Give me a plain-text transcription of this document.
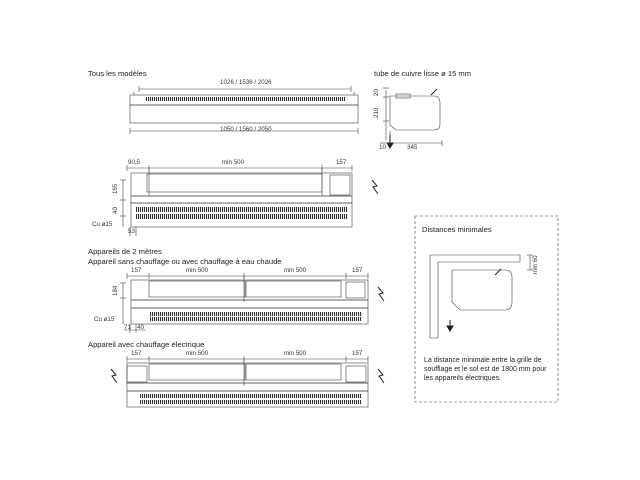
Tous les modèles	tube de cuivre lisse ø 15 mm
Appareils de 2 mètres
Appareil sans chauffage ou avec chauffage à eau chaude
Appareil avec chauffage électrique
Distances minimales
1026 / 1536 / 2026
1050 / 1560 / 2050
20
210
10	345
90,5	min 500	157
165
40
Cu ø15
53
157	min 500	min 500	157
184
Cu ø15
71 40
157	min 500	min 500	157
min 60
La distance minimale entre la grille de soufflage et le sol est de 1800 mm pour les appareils électriques.
